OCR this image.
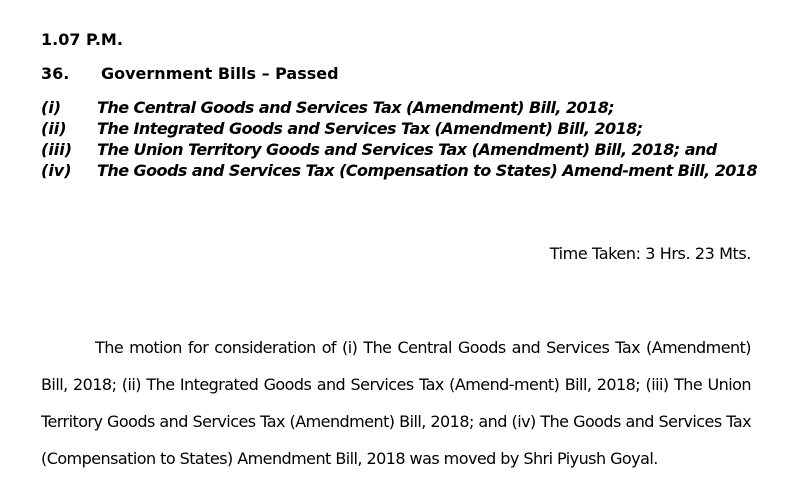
1.07 P.M.
36. Government Bills – Passed
(i)	The Central Goods and Services Tax (Amendment) Bill, 2018;
(ii)	The Integrated Goods and Services Tax (Amendment) Bill, 2018;
(iii)	The Union Territory Goods and Services Tax (Amendment) Bill, 2018; and
(iv)	The Goods and Services Tax (Compensation to States) Amend-ment Bill, 2018
Time Taken: 3 Hrs. 23 Mts.

The motion for consideration of (i) The Central Goods and Services Tax (Amendment) Bill, 2018; (ii) The Integrated Goods and Services Tax (Amend-ment) Bill, 2018; (iii) The Union Territory Goods and Services Tax (Amendment) Bill, 2018; and (iv) The Goods and Services Tax (Compensation to States) Amendment Bill, 2018 was moved by Shri Piyush Goyal.
